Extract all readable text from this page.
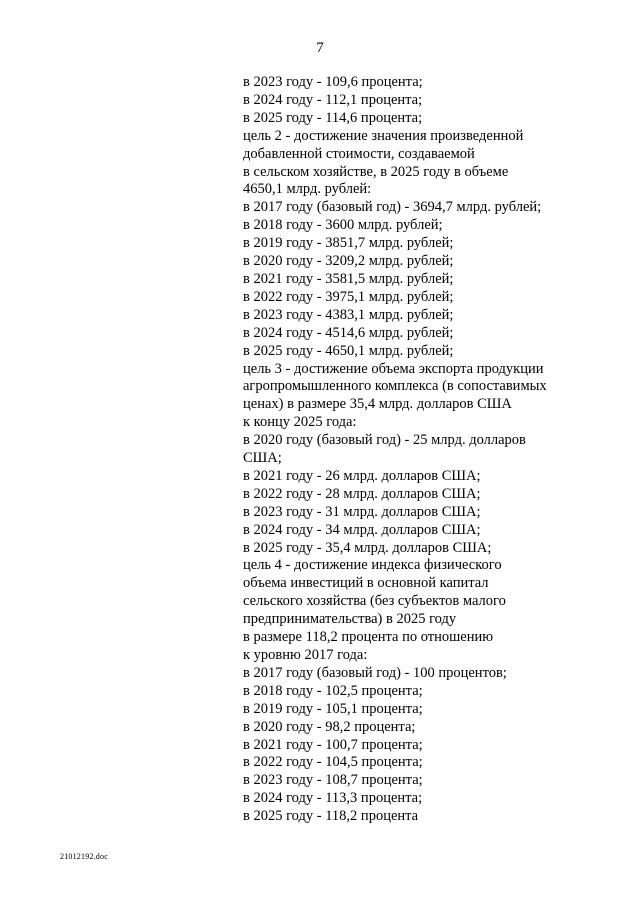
7
в 2023 году - 109,6 процента;
в 2024 году - 112,1 процента;
в 2025 году - 114,6 процента;
цель 2 - достижение значения произведенной
добавленной стоимости, создаваемой
в сельском хозяйстве, в 2025 году в объеме
4650,1 млрд. рублей:
в 2017 году (базовый год) - 3694,7 млрд. рублей;
в 2018 году - 3600 млрд. рублей;
в 2019 году - 3851,7 млрд. рублей;
в 2020 году - 3209,2 млрд. рублей;
в 2021 году - 3581,5 млрд. рублей;
в 2022 году - 3975,1 млрд. рублей;
в 2023 году - 4383,1 млрд. рублей;
в 2024 году - 4514,6 млрд. рублей;
в 2025 году - 4650,1 млрд. рублей;
цель 3 - достижение объема экспорта продукции
агропромышленного комплекса (в сопоставимых
ценах) в размере 35,4 млрд. долларов США
к концу 2025 года:
в 2020 году (базовый год) - 25 млрд. долларов
США;
в 2021 году - 26 млрд. долларов США;
в 2022 году - 28 млрд. долларов США;
в 2023 году - 31 млрд. долларов США;
в 2024 году - 34 млрд. долларов США;
в 2025 году - 35,4 млрд. долларов США;
цель 4 - достижение индекса физического
объема инвестиций в основной капитал
сельского хозяйства (без субъектов малого
предпринимательства) в 2025 году
в размере 118,2 процента по отношению
к уровню 2017 года:
в 2017 году (базовый год) - 100 процентов;
в 2018 году - 102,5 процента;
в 2019 году - 105,1 процента;
в 2020 году - 98,2 процента;
в 2021 году - 100,7 процента;
в 2022 году - 104,5 процента;
в 2023 году - 108,7 процента;
в 2024 году - 113,3 процента;
в 2025 году - 118,2 процента
21012192.doc
